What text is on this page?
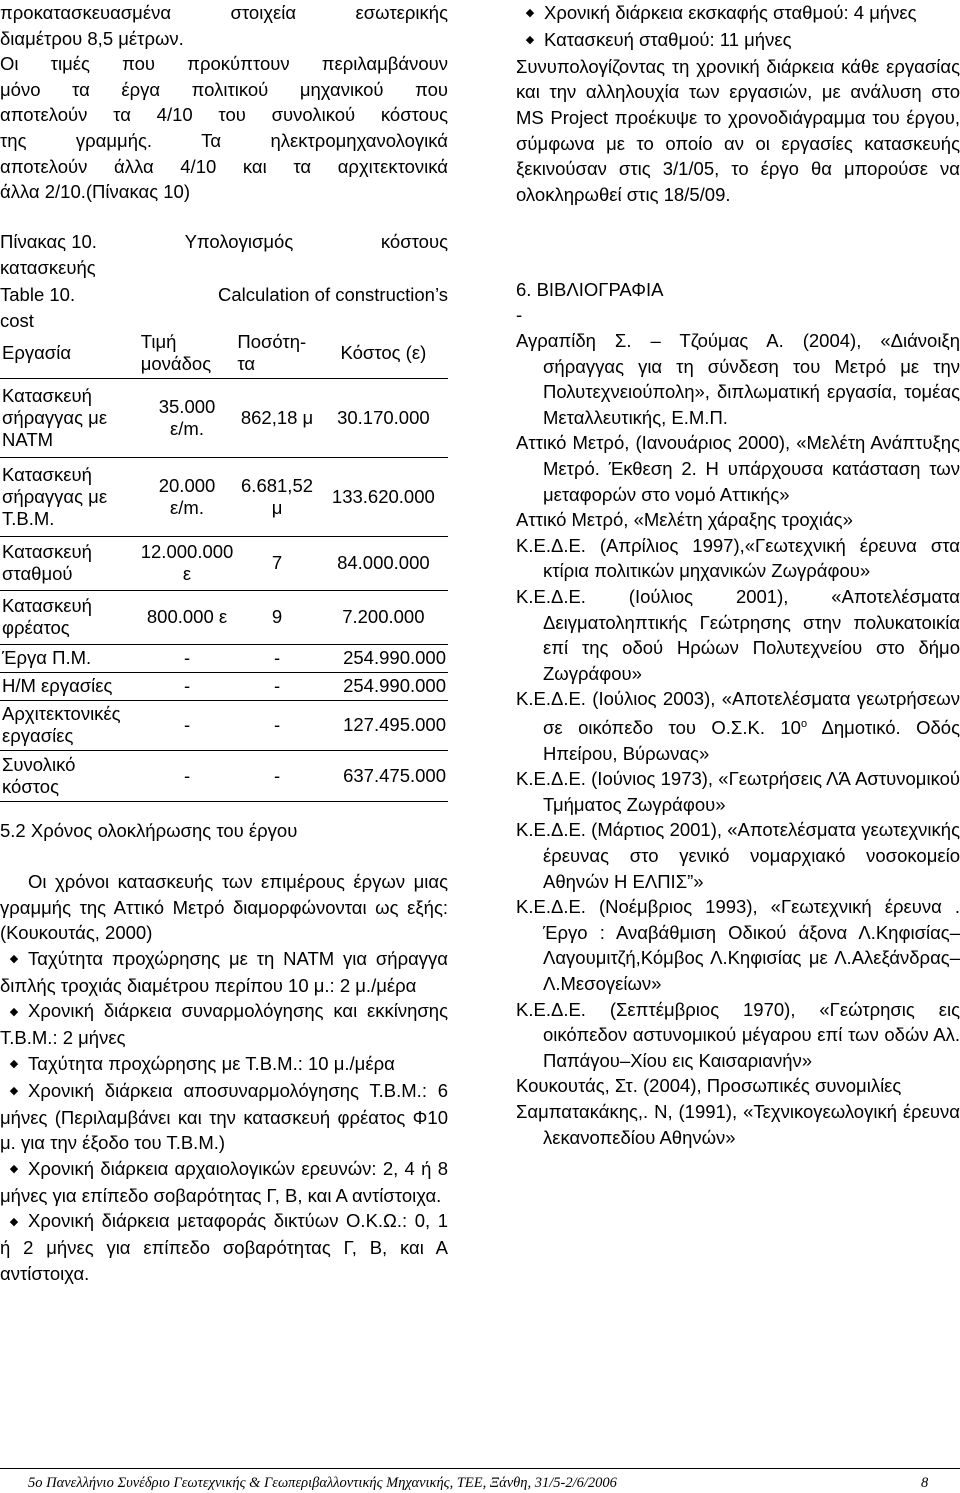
προκατασκευασμένα στοιχεία εσωτερικής

διαμέτρου 8,5 μέτρων.

Οι τιμές που προκύπτουν περιλαμβάνουν

μόνο τα έργα πολιτικού μηχανικού που

αποτελούν τα 4/10 του συνολικού κόστους

της γραμμής. Τα ηλεκτρομηχανολογικά

αποτελούν άλλα 4/10 και τα αρχιτεκτονικά

άλλα 2/10.(Πίνακας 10)

Πίνακας 10.	Υπολογισμός	κόστους
κατασκευής
Table 10.	Calculation of construction’s
cost
Εργασία	Τιμή μονάδος	Ποσότη-τα	Κόστος (ε)
Κατασκευή σήραγγας με ΝΑΤΜ	35.000 ε/m.	862,18 μ	30.170.000
Κατασκευή σήραγγας με Τ.Β.Μ.	20.000 ε/m.	6.681,52 μ	133.620.000
Κατασκευή σταθμού	12.000.000 ε	7	84.000.000
Κατασκευή φρέατος	800.000 ε	9	7.200.000
Έργα Π.Μ.	-	-	254.990.000
Η/Μ εργασίες	-	-	254.990.000
Αρχιτεκτονικές εργασίες	-	-	127.495.000
Συνολικό κόστος	-	-	637.475.000
5.2 Χρόνος ολοκλήρωσης του έργου

Οι χρόνοι κατασκευής των επιμέρους έργων μιας γραμμής της Αττικό Μετρό διαμορφώνονται ως εξής: (Κουκουτάς, 2000)

◆Ταχύτητα προχώρησης με τη ΝΑΤΜ για σήραγγα διπλής τροχιάς διαμέτρου περίπου 10 μ.: 2 μ./μέρα

◆Χρονική διάρκεια συναρμολόγησης και εκκίνησης Τ.Β.Μ.: 2 μήνες

◆Ταχύτητα προχώρησης με Τ.Β.Μ.: 10 μ./μέρα

◆Χρονική διάρκεια αποσυναρμολόγησης Τ.Β.Μ.: 6 μήνες (Περιλαμβάνει και την κατασκευή φρέατος Φ10 μ. για την έξοδο του Τ.Β.Μ.)

◆Χρονική διάρκεια αρχαιολογικών ερευνών: 2, 4 ή 8 μήνες για επίπεδο σοβαρότητας Γ, Β, και Α αντίστοιχα.

◆Χρονική διάρκεια μεταφοράς δικτύων Ο.Κ.Ω.: 0, 1 ή 2 μήνες για επίπεδο σοβαρότητας Γ, Β, και Α αντίστοιχα.

◆Χρονική διάρκεια εκσκαφής σταθμού: 4 μήνες

◆Κατασκευή σταθμού: 11 μήνες

Συνυπολογίζοντας τη χρονική διάρκεια κάθε εργασίας και την αλληλουχία των εργασιών, με ανάλυση στο MS Project προέκυψε το χρονοδιάγραμμα του έργου, σύμφωνα με το οποίο αν οι εργασίες κατασκευής ξεκινούσαν στις 3/1/05, το έργο θα μπορούσε να ολοκληρωθεί στις 18/5/09.

6. ΒΙΒΛΙΟΓΡΑΦΙΑ
-

Αγραπίδη Σ. – Τζούμας Α. (2004), «Διάνοιξη σήραγγας για τη σύνδεση του Μετρό με την Πολυτεχνειούπολη», διπλωματική εργασία, τομέας Μεταλλευτικής, Ε.Μ.Π.

Αττικό Μετρό, (Ιανουάριος 2000), «Μελέτη Ανάπτυξης Μετρό. Έκθεση 2. Η υπάρχουσα κατάσταση των μεταφορών στο νομό Αττικής»

Αττικό Μετρό, «Μελέτη χάραξης τροχιάς»

Κ.Ε.Δ.Ε. (Απρίλιος 1997),«Γεωτεχνική έρευνα στα κτίρια πολιτικών μηχανικών Ζωγράφου»

Κ.Ε.Δ.Ε. (Ιούλιος 2001), «Αποτελέσματα Δειγματοληπτικής Γεώτρησης στην πολυκατοικία επί της οδού Ηρώων Πολυτεχνείου στο δήμο Ζωγράφου»

Κ.Ε.Δ.Ε. (Ιούλιος 2003), «Αποτελέσματα γεωτρήσεων σε οικόπεδο του Ο.Σ.Κ. $10^o$ Δημοτικό. Οδός Ηπείρου, Βύρωνας»

Κ.Ε.Δ.Ε. (Ιούνιος 1973), «Γεωτρήσεις ΛΆ Αστυνομικού Τμήματος Ζωγράφου»

Κ.Ε.Δ.Ε. (Μάρτιος 2001), «Αποτελέσματα γεωτεχνικής έρευνας στο γενικό νομαρχιακό νοσοκομείο Αθηνών Η ΕΛΠΙΣ”»

Κ.Ε.Δ.Ε. (Νοέμβριος 1993), «Γεωτεχνική έρευνα . Έργο : Αναβάθμιση Οδικού άξονα Λ.Κηφισίας–Λαγουμιτζή,Κόμβος Λ.Κηφισίας με Λ.Αλεξάνδρας–Λ.Μεσογείων»

Κ.Ε.Δ.Ε. (Σεπτέμβριος 1970), «Γεώτρησις εις οικόπεδον αστυνομικού μέγαρου επί των οδών Αλ. Παπάγου–Χίου εις Καισαριανήν»

Κουκουτάς, Στ. (2004), Προσωπικές συνομιλίες

Σαμπατακάκης,. Ν, (1991), «Τεχνικογεωλογική έρευνα λεκανοπεδίου Αθηνών»

5ο Πανελλήνιο Συνέδριο Γεωτεχνικής & Γεωπεριβαλλοντικής Μηχανικής, ΤΕΕ, Ξάνθη, 31/5-2/6/2006	8
